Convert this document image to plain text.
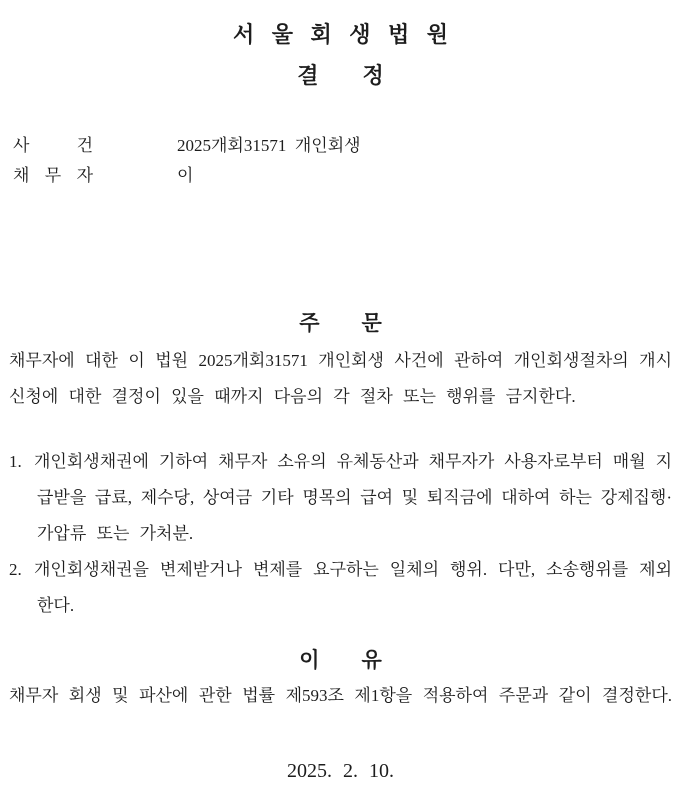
서 울 회 생 법 원
결        정
사 건	2025개회31571  개인회생
채 무 자	이
주        문
채무자에 대한 이 법원 2025개회31571 개인회생 사건에 관하여 개인회생절차의 개시
신청에 대한 결정이 있을 때까지 다음의 각 절차 또는 행위를 금지한다.
1. 개인회생채권에 기하여 채무자 소유의 유체동산과 채무자가 사용자로부터 매월 지
급받을 급료, 제수당, 상여금 기타 명목의 급여 및 퇴직금에 대하여 하는 강제집행·
가압류 또는 가처분.
2. 개인회생채권을 변제받거나 변제를 요구하는 일체의 행위. 다만, 소송행위를 제외
한다.
이        유
채무자 회생 및 파산에 관한 법률 제593조 제1항을 적용하여 주문과 같이 결정한다.
2025. 2. 10.
